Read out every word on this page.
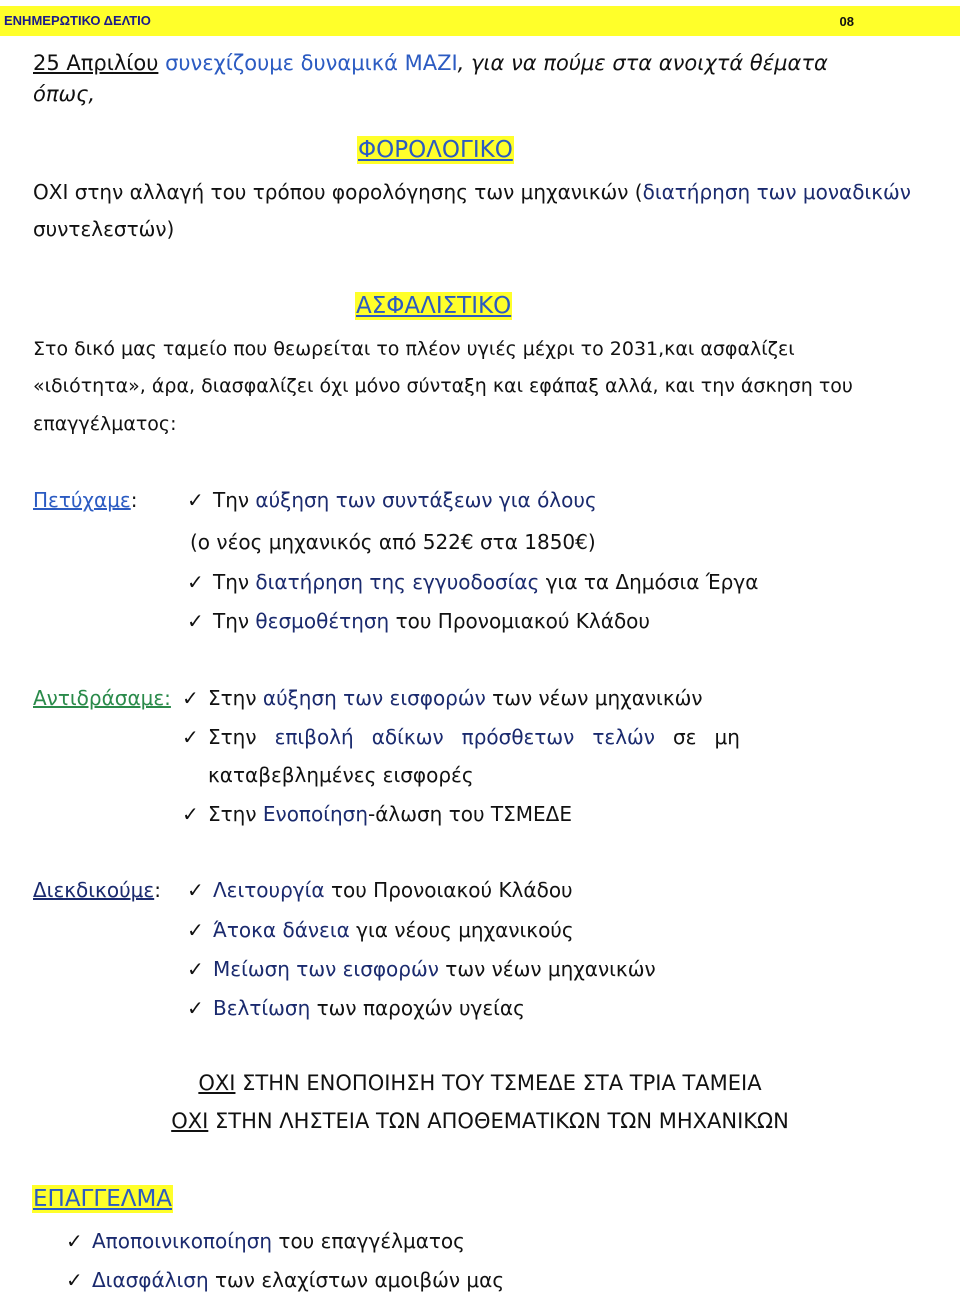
ΕΝΗΜΕΡΩΤΙΚΟ ΔΕΛΤΙΟ	08
25 Απριλίου συνεχίζουμε δυναμικά ΜΑΖΙ, για να πούμε στα ανοιχτά θέματα
όπως,
ΦΟΡΟΛΟΓΙΚΟ
ΟΧΙ στην αλλαγή του τρόπου φορολόγησης των μηχανικών (διατήρηση των μοναδικών
συντελεστών)
ΑΣΦΑΛΙΣΤΙΚΟ
Στο δικό μας ταμείο που θεωρείται το πλέον υγιές μέχρι το 2031,και ασφαλίζει
«ιδιότητα», άρα, διασφαλίζει όχι μόνο σύνταξη και εφάπαξ αλλά, και την άσκηση του
επαγγέλματος:
Πετύχαμε: ✓ Την αύξηση των συντάξεων για όλους
(ο νέος μηχανικός από 522€ στα 1850€)
✓ Την διατήρηση της εγγυοδοσίας για τα Δημόσια Έργα
✓ Την θεσμοθέτηση του Προνομιακού Κλάδου
Αντιδράσαμε: ✓ Στην αύξηση των εισφορών των νέων μηχανικών
✓ Στην επιβολή αδίκων πρόσθετων τελών σε μη
καταβεβλημένες εισφορές
✓ Στην Ενοποίηση-άλωση του ΤΣΜΕΔΕ
Διεκδικούμε: ✓ Λειτουργία του Προνοιακού Κλάδου
✓ Άτοκα δάνεια για νέους μηχανικούς
✓ Μείωση των εισφορών των νέων μηχανικών
✓ Βελτίωση των παροχών υγείας
ΟΧΙ ΣΤΗΝ ΕΝΟΠΟΙΗΣΗ ΤΟΥ ΤΣΜΕΔΕ ΣΤΑ ΤΡΙΑ ΤΑΜΕΙΑ
ΟΧΙ ΣΤΗΝ ΛΗΣΤΕΙΑ ΤΩΝ ΑΠΟΘΕΜΑΤΙΚΩΝ ΤΩΝ ΜΗΧΑΝΙΚΩΝ
ΕΠΑΓΓΕΛΜΑ
✓ Αποποινικοποίηση του επαγγέλματος
✓ Διασφάλιση των ελαχίστων αμοιβών μας
